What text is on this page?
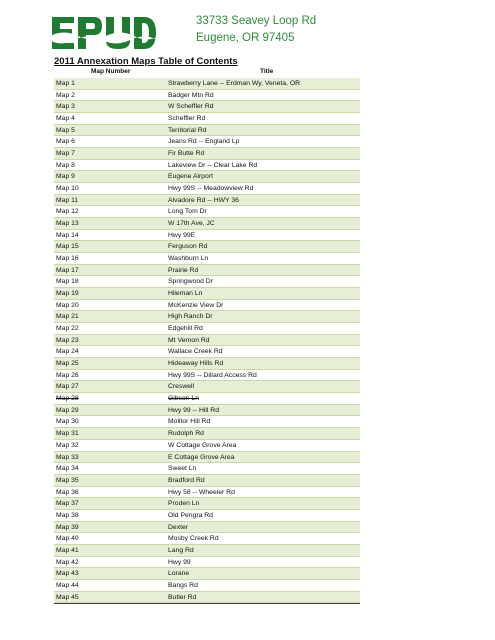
33733 Seavey Loop Rd
Eugene, OR 97405
2011 Annexation Maps Table of Contents
Map Number	Title
Map 1	Strawberry Lane -- Erdman Wy, Veneta, OR
Map 2	Badger Mtn Rd
Map 3	W Scheffler Rd
Map 4	Scheffler Rd
Map 5	Territorial Rd
Map 6	Jeans Rd -- England Lp
Map 7	Fir Butte Rd
Map 8	Lakeview Dr -- Clear Lake Rd
Map 9	Eugene Airport
Map 10	Hwy 99S -- Meadowview Rd
Map 11	Alvadore Rd -- HWY 36
Map 12	Long Tom Dr
Map 13	W 17th Ave, JC
Map 14	Hwy 99E
Map 15	Ferguson Rd
Map 16	Washburn Ln
Map 17	Prairie Rd
Map 18	Springwood Dr
Map 19	Hileman Ln
Map 20	McKenzie View Dr
Map 21	High Ranch Dr
Map 22	Edgehill Rd
Map 23	Mt Vernon Rd
Map 24	Wallace Creek Rd
Map 25	Hideaway Hills Rd
Map 26	Hwy 99S -- Dillard Access Rd
Map 27	Creswell
Map 28	Gibson Ln
Map 29	Hwy 99 -- Hill Rd
Map 30	Molitor Hill Rd
Map 31	Rudolph Rd
Map 32	W Cottage Grove Area
Map 33	E Cottage Grove Area
Map 34	Sweet Ln
Map 35	Bradford Rd
Map 36	Hwy 58 -- Wheeler Rd
Map 37	Proden Ln
Map 38	Old Pengra Rd
Map 39	Dexter
Map 40	Mosby Creek Rd
Map 41	Lang Rd
Map 42	Hwy 99
Map 43	Lorane
Map 44	Bangs Rd
Map 45	Butler Rd
